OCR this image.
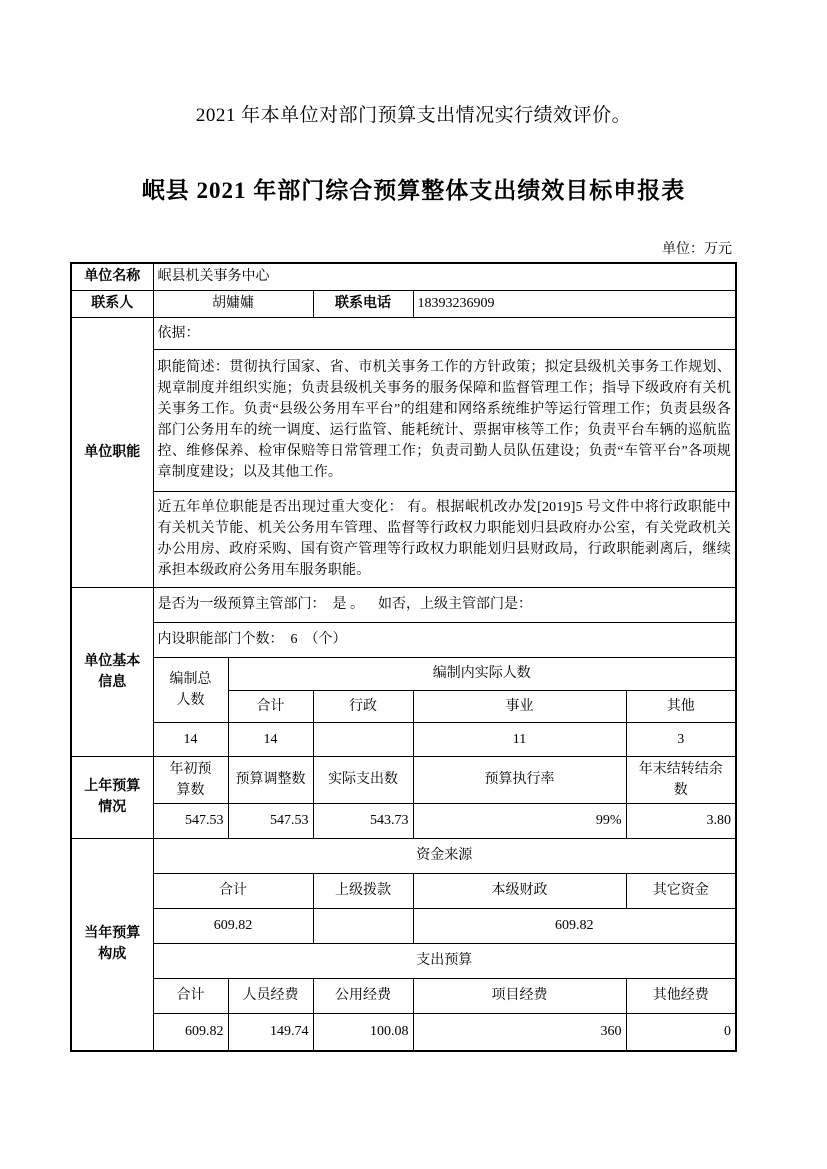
2021 年本单位对部门预算支出情况实行绩效评价。
岷县 2021 年部门综合预算整体支出绩效目标申报表
单位：万元
单位名称	岷县机关事务中心				
联系人	胡嫞嫞		联系电话	18393236909	
单位职能	依据：				
	职能简述：贯彻执行国家、省、市机关事务工作的方针政策；拟定县级机关事务工作规划、规章制度并组织实施；负责县级机关事务的服务保障和监督管理工作；指导下级政府有关机关事务工作。负责“县级公务用车平台”的组建和网络系统维护等运行管理工作；负责县级各部门公务用车的统一调度、运行监管、能耗统计、票据审核等工作；负责平台车辆的巡航监控、维修保养、检审保赔等日常管理工作；负责司勤人员队伍建设；负责“车管平台”各项规章制度建设；以及其他工作。				
	近五年单位职能是否出现过重大变化： 有。根据岷机改办发[2019]5 号文件中将行政职能中有关机关节能、机关公务用车管理、监督等行政权力职能划归县政府办公室，有关党政机关办公用房、政府采购、国有资产管理等行政权力职能划归县财政局，行政职能剥离后，继续承担本级政府公务用车服务职能。				

单位基本信息	是否为一级预算主管部门：  是 。    如否，上级主管部门是：				
	内设职能部门个数：  6  （个）				

	编制总人数	编制内实际人数			
		合计	行政	事业	其他
	14	14		11	3

上年预算情况	年初预算数	预算调整数	实际支出数	预算执行率	年末结转结余数

	547.53	547.53	543.73	99%	3.80

当年预算构成	资金来源				
	合计		上级拨款	本级财政	其它资金
	609.82			609.82	
	支出预算				
	合计	人员经费	公用经费	项目经费	其他经费
	609.82	149.74	100.08	360	0
